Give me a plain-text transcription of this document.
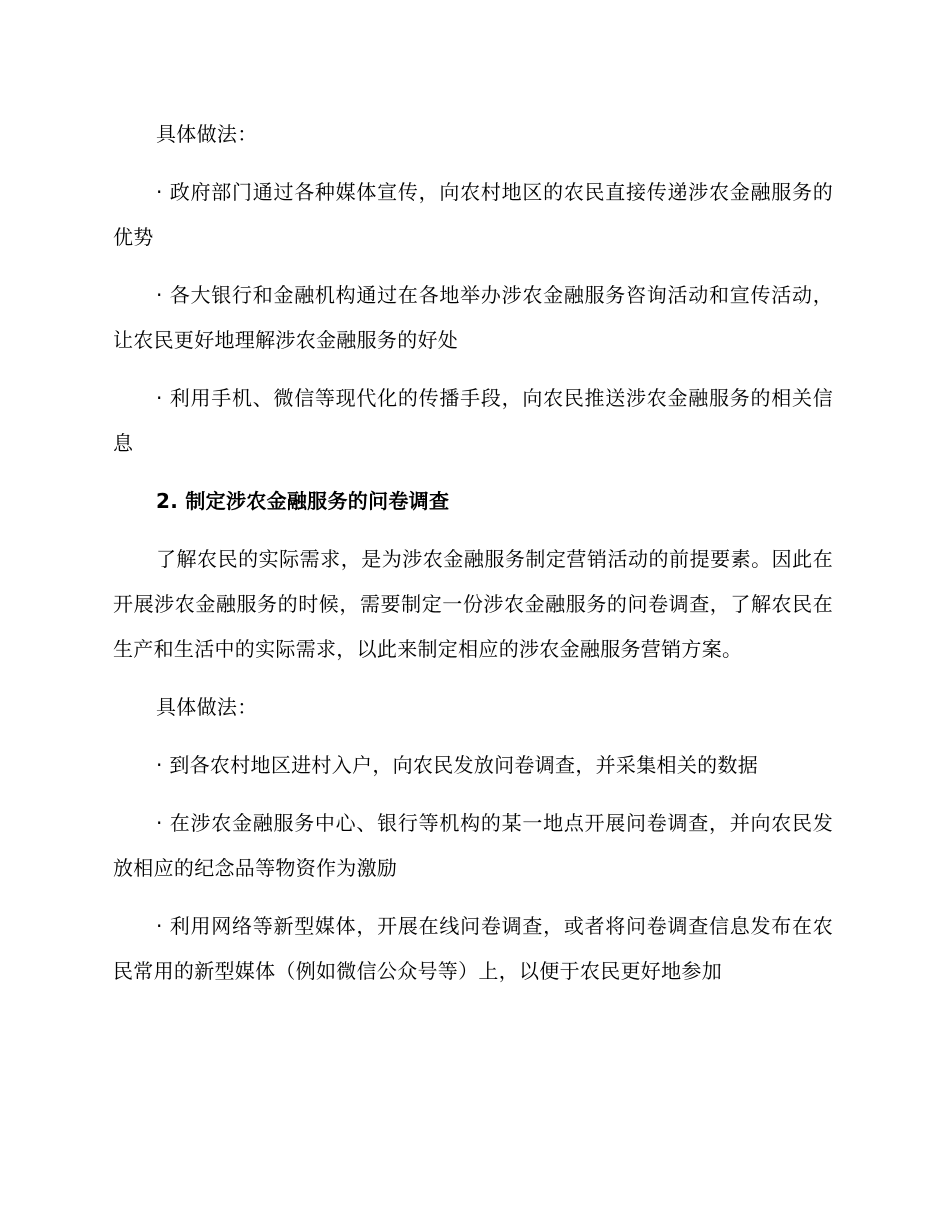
具体做法：

· 政府部门通过各种媒体宣传，向农村地区的农民直接传递涉农金融服务的优势

· 各大银行和金融机构通过在各地举办涉农金融服务咨询活动和宣传活动，让农民更好地理解涉农金融服务的好处

· 利用手机、微信等现代化的传播手段，向农民推送涉农金融服务的相关信息

2. 制定涉农金融服务的问卷调查

了解农民的实际需求，是为涉农金融服务制定营销活动的前提要素。因此在开展涉农金融服务的时候，需要制定一份涉农金融服务的问卷调查，了解农民在生产和生活中的实际需求，以此来制定相应的涉农金融服务营销方案。

具体做法：

· 到各农村地区进村入户，向农民发放问卷调查，并采集相关的数据

· 在涉农金融服务中心、银行等机构的某一地点开展问卷调查，并向农民发放相应的纪念品等物资作为激励

· 利用网络等新型媒体，开展在线问卷调查，或者将问卷调查信息发布在农民常用的新型媒体（例如微信公众号等）上，以便于农民更好地参加
